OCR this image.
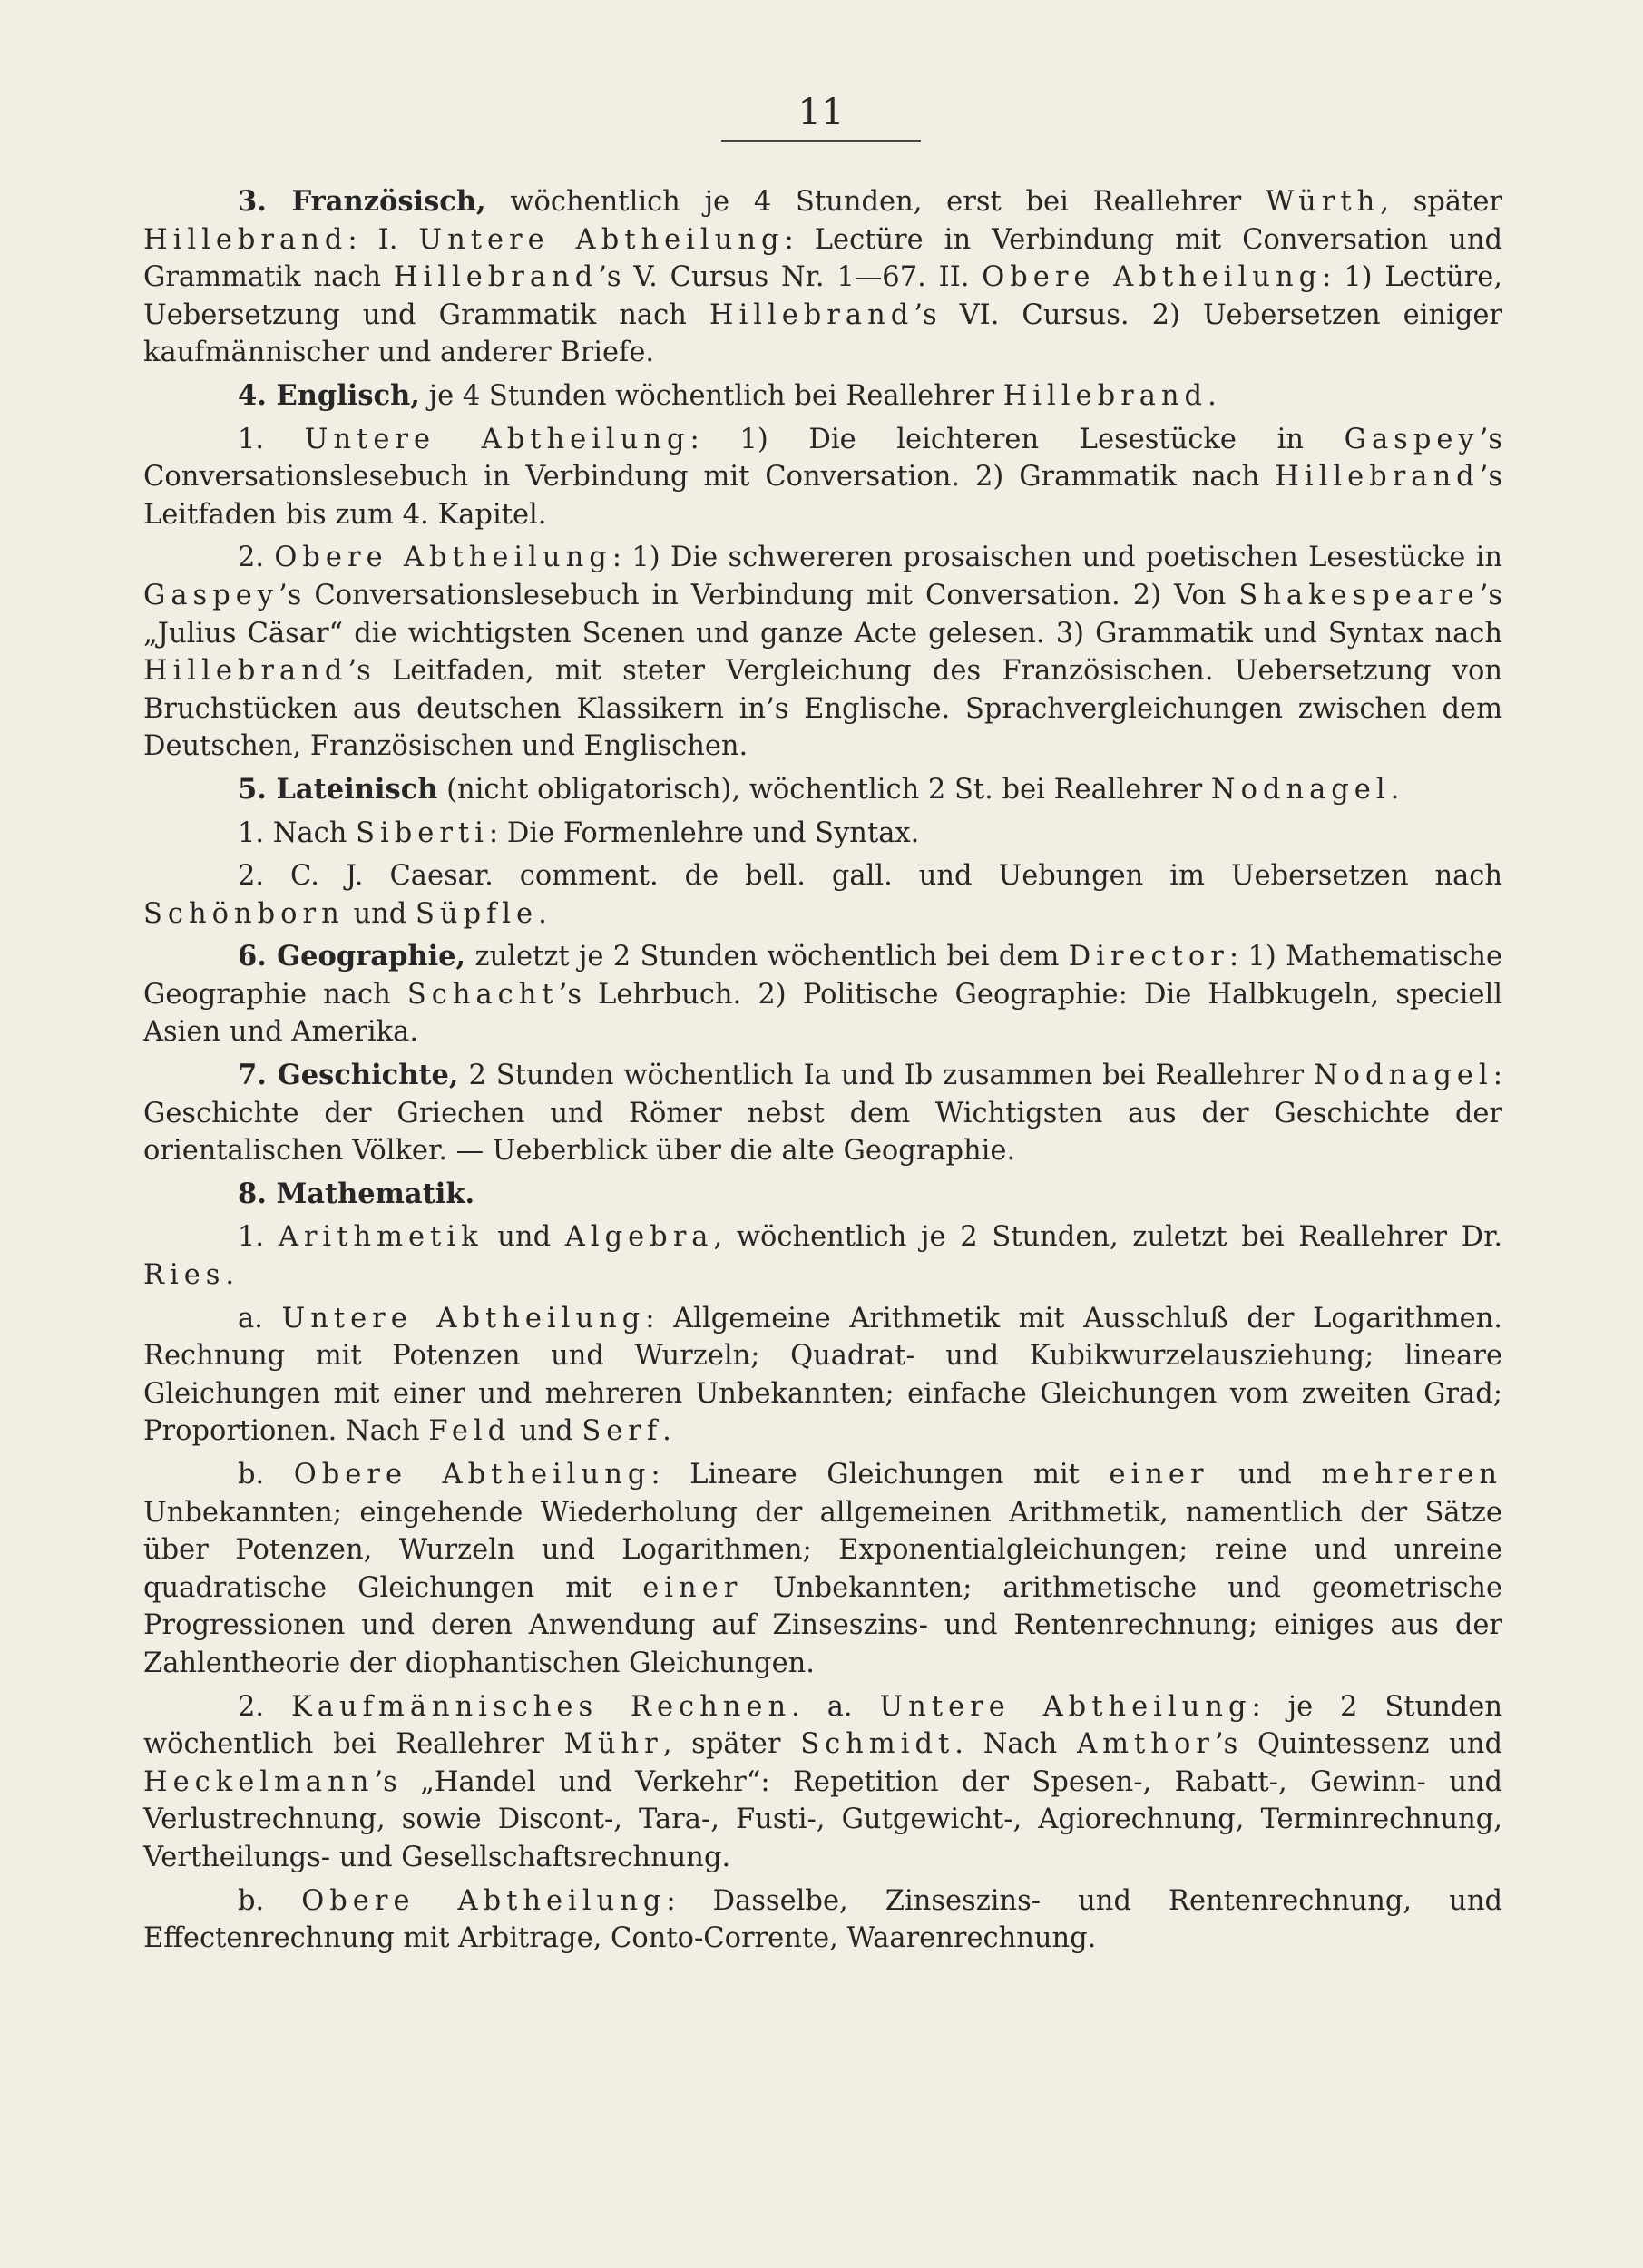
11

3. Französisch, wöchentlich je 4 Stunden, erst bei Reallehrer Würth, später Hillebrand: I. Untere Abtheilung: Lectüre in Verbindung mit Conversation und Grammatik nach Hillebrand’s V. Cursus Nr. 1—67. II. Obere Abtheilung: 1) Lectüre, Uebersetzung und Grammatik nach Hillebrand’s VI. Cursus. 2) Uebersetzen einiger kaufmännischer und anderer Briefe.

4. Englisch, je 4 Stunden wöchentlich bei Reallehrer Hillebrand.

1. Untere Abtheilung: 1) Die leichteren Lesestücke in Gaspey’s Conversationslesebuch in Verbindung mit Conversation. 2) Grammatik nach Hillebrand’s Leitfaden bis zum 4. Kapitel.

2. Obere Abtheilung: 1) Die schwereren prosaischen und poetischen Lesestücke in Gaspey’s Conversationslesebuch in Verbindung mit Conversation. 2) Von Shakespeare’s „Julius Cäsar“ die wichtigsten Scenen und ganze Acte gelesen. 3) Grammatik und Syntax nach Hillebrand’s Leitfaden, mit steter Vergleichung des Französischen. Uebersetzung von Bruchstücken aus deutschen Klassikern in’s Englische. Sprachvergleichungen zwischen dem Deutschen, Französischen und Englischen.

5. Lateinisch (nicht obligatorisch), wöchentlich 2 St. bei Reallehrer Nodnagel.

1. Nach Siberti: Die Formenlehre und Syntax.

2. C. J. Caesar. comment. de bell. gall. und Uebungen im Uebersetzen nach Schönborn und Süpfle.

6. Geographie, zuletzt je 2 Stunden wöchentlich bei dem Director: 1) Mathematische Geographie nach Schacht’s Lehrbuch. 2) Politische Geographie: Die Halbkugeln, speciell Asien und Amerika.

7. Geschichte, 2 Stunden wöchentlich Ia und Ib zusammen bei Reallehrer Nodnagel: Geschichte der Griechen und Römer nebst dem Wichtigsten aus der Geschichte der orientalischen Völker. — Ueberblick über die alte Geographie.

8. Mathematik.

1. Arithmetik und Algebra, wöchentlich je 2 Stunden, zuletzt bei Reallehrer Dr. Ries.

a. Untere Abtheilung: Allgemeine Arithmetik mit Ausschluß der Logarithmen. Rechnung mit Potenzen und Wurzeln; Quadrat- und Kubikwurzelausziehung; lineare Gleichungen mit einer und mehreren Unbekannten; einfache Gleichungen vom zweiten Grad; Proportionen. Nach Feld und Serf.

b. Obere Abtheilung: Lineare Gleichungen mit einer und mehreren Unbekannten; eingehende Wiederholung der allgemeinen Arithmetik, namentlich der Sätze über Potenzen, Wurzeln und Logarithmen; Exponentialgleichungen; reine und unreine quadratische Gleichungen mit einer Unbekannten; arithmetische und geometrische Progressionen und deren Anwendung auf Zinseszins- und Rentenrechnung; einiges aus der Zahlentheorie der diophantischen Gleichungen.

2. Kaufmännisches Rechnen. a. Untere Abtheilung: je 2 Stunden wöchentlich bei Reallehrer Mühr, später Schmidt. Nach Amthor’s Quintessenz und Heckelmann’s „Handel und Verkehr“: Repetition der Spesen-, Rabatt-, Gewinn- und Verlustrechnung, sowie Discont-, Tara-, Fusti-, Gutgewicht-, Agiorechnung, Terminrechnung, Vertheilungs- und Gesellschaftsrechnung.

b. Obere Abtheilung: Dasselbe, Zinseszins- und Rentenrechnung, und Effectenrechnung mit Arbitrage, Conto-Corrente, Waarenrechnung.
